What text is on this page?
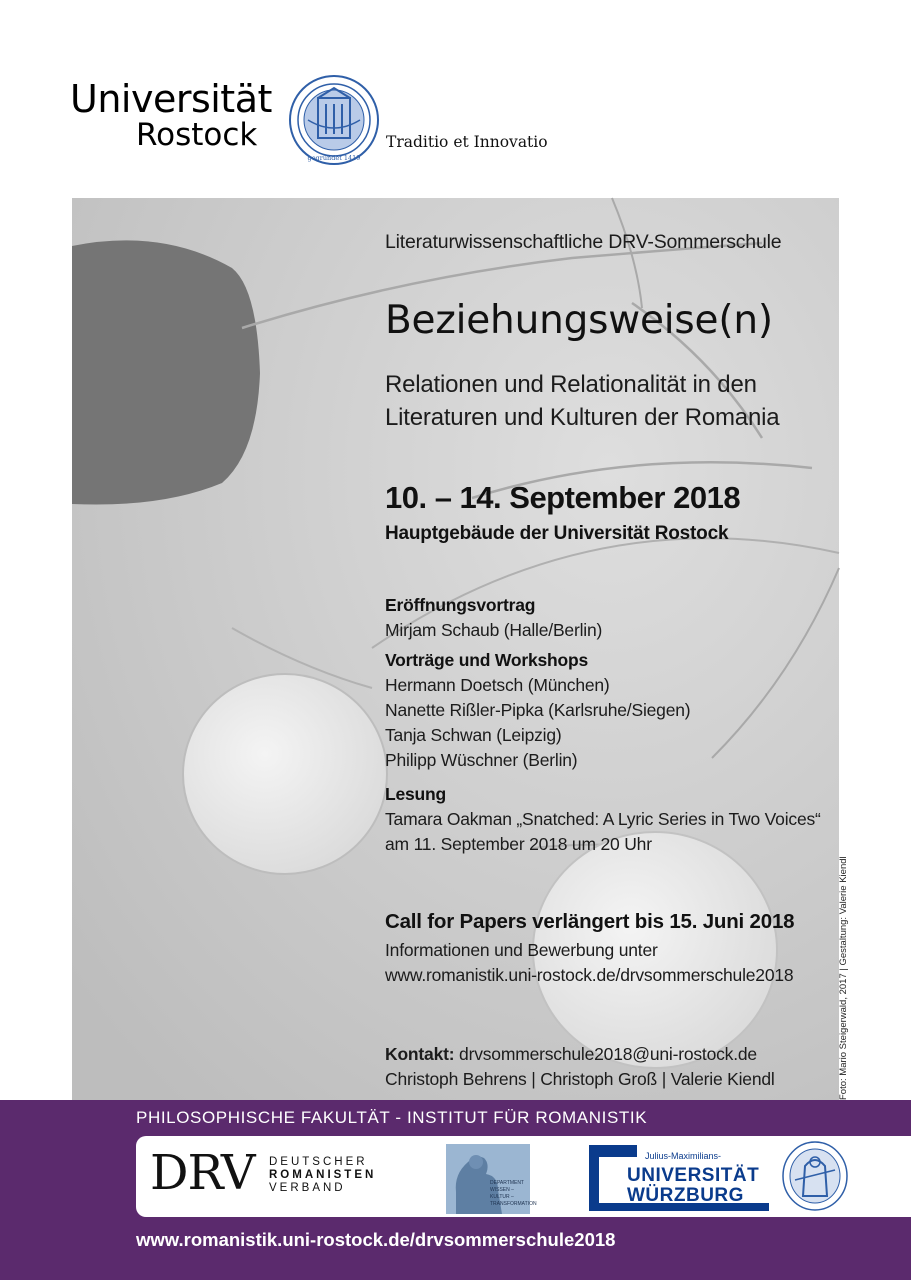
Universität
Rostock
gegründet 1419
Traditio et Innovatio
Literaturwissenschaftliche DRV-Sommerschule
Beziehungsweise(n)
Relationen und Relationalität in den
Literaturen und Kulturen der Romania
10. – 14. September 2018
Hauptgebäude der Universität Rostock
Eröffnungsvortrag
Mirjam Schaub (Halle/Berlin)
Vorträge und Workshops
Hermann Doetsch (München)
Nanette Rißler-Pipka (Karlsruhe/Siegen)
Tanja Schwan (Leipzig)
Philipp Wüschner (Berlin)
Lesung
Tamara Oakman „Snatched: A Lyric Series in Two Voices“
am 11. September 2018 um 20 Uhr
Call for Papers verlängert bis 15. Juni 2018
Informationen und Bewerbung unter
www.romanistik.uni-rostock.de/drvsommerschule2018
Kontakt: drvsommerschule2018@uni-rostock.de
Christoph Behrens | Christoph Groß | Valerie Kiendl	Foto: Mario Steigerwald, 2017 | Gestaltung: Valerie Kiendl
PHILOSOPHISCHE FAKULTÄT - INSTITUT FÜR ROMANISTIK
DRV DEUTSCHER
ROMANISTEN
VERBAND	DEPARTMENT
WISSEN –
KULTUR –
TRANSFORMATION
Julius-Maximilians-
UNIVERSITÄT
WÜRZBURG
www.romanistik.uni-rostock.de/drvsommerschule2018
